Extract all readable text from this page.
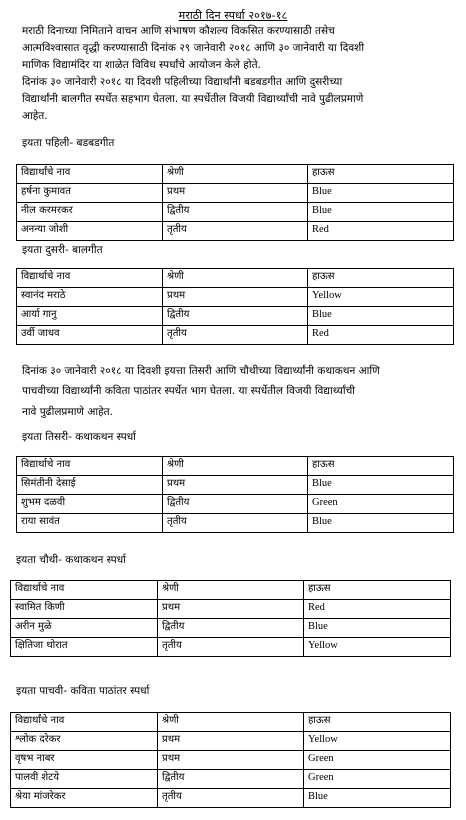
मराठी दिन स्पर्धा २०१७-१८
मराठी दिनाच्या निमिताने वाचन आणि संभाषण कौशल्य विकसित करण्यासाठी तसेच
आत्मविश्वासात वृद्धी करण्यासाठी दिनांक २९ जानेवारी २०१८ आणि ३० जानेवारी या दिवशी
माणिक विद्यामंदिर या शाळेत विविध स्पर्धांचे आयोजन केले होते.
दिनांक ३० जानेवारी २०१८ या दिवशी पहिलीच्या विद्यार्थांनी बडबडगीत आणि दुसरीच्या
विद्यार्थांनी बालगीत स्पर्धेत सहभाग घेतला. या स्पर्धेतील विजयी विद्यार्थ्यांची नावे पुढीलप्रमाणे
आहेत.
इयता पहिली- बडबडगीत
विद्यार्थांचे नाव	श्रेणी	हाऊस
हर्षना कुमावत	प्रथम	Blue
नील करमरकर	द्वितीय	Blue
अनन्या जोशी	तृतीय	Red
इयता दुसरी- बालगीत
विद्यार्थाचे नाव	श्रेणी	हाऊस
स्वानंद मराठे	प्रथम	Yellow
आर्या गानु	द्वितीय	Blue
उर्वी जाधव	तृतीय	Red
दिनांक ३० जानेवारी २०१८ या दिवशी इयत्ता तिसरी आणि चौथीच्या विद्यार्थ्यांनी कथाकथन आणि
पाचवीच्या विद्यार्थ्यांनी कविता पाठांतर स्पर्धेत भाग घेतला. या स्पर्धेतील विजयी विद्यार्थ्यांची
नावे पुढीलप्रमाणे आहेत.
इयता तिसरी- कथाकथन स्पर्धा
विद्यार्थाचे नाव	श्रेणी	हाऊस
सिमंतीनी देसाई	प्रथम	Blue
शुभम दळवी	द्वितीय	Green
राया सावंत	तृतीय	Blue
इयता चौथी- कथाकथन स्पर्धा
विद्यार्थाचे नाव	श्रेणी	हाऊस
स्वामित किणी	प्रथम	Red
अरीन मुळे	द्वितीय	Blue
क्षितिजा थोरात	तृतीय	Yellow
इयता पाचवी- कविता पाठांतर स्पर्धा
विद्यार्थांचे नाव	श्रेणी	हाऊस
श्लोक दरेकर	प्रथम	Yellow
वृषभ नाबर	प्रथम	Green
पालवी शेटये	द्वितीय	Green
श्रेया मांजरेकर	तृतीय	Blue
